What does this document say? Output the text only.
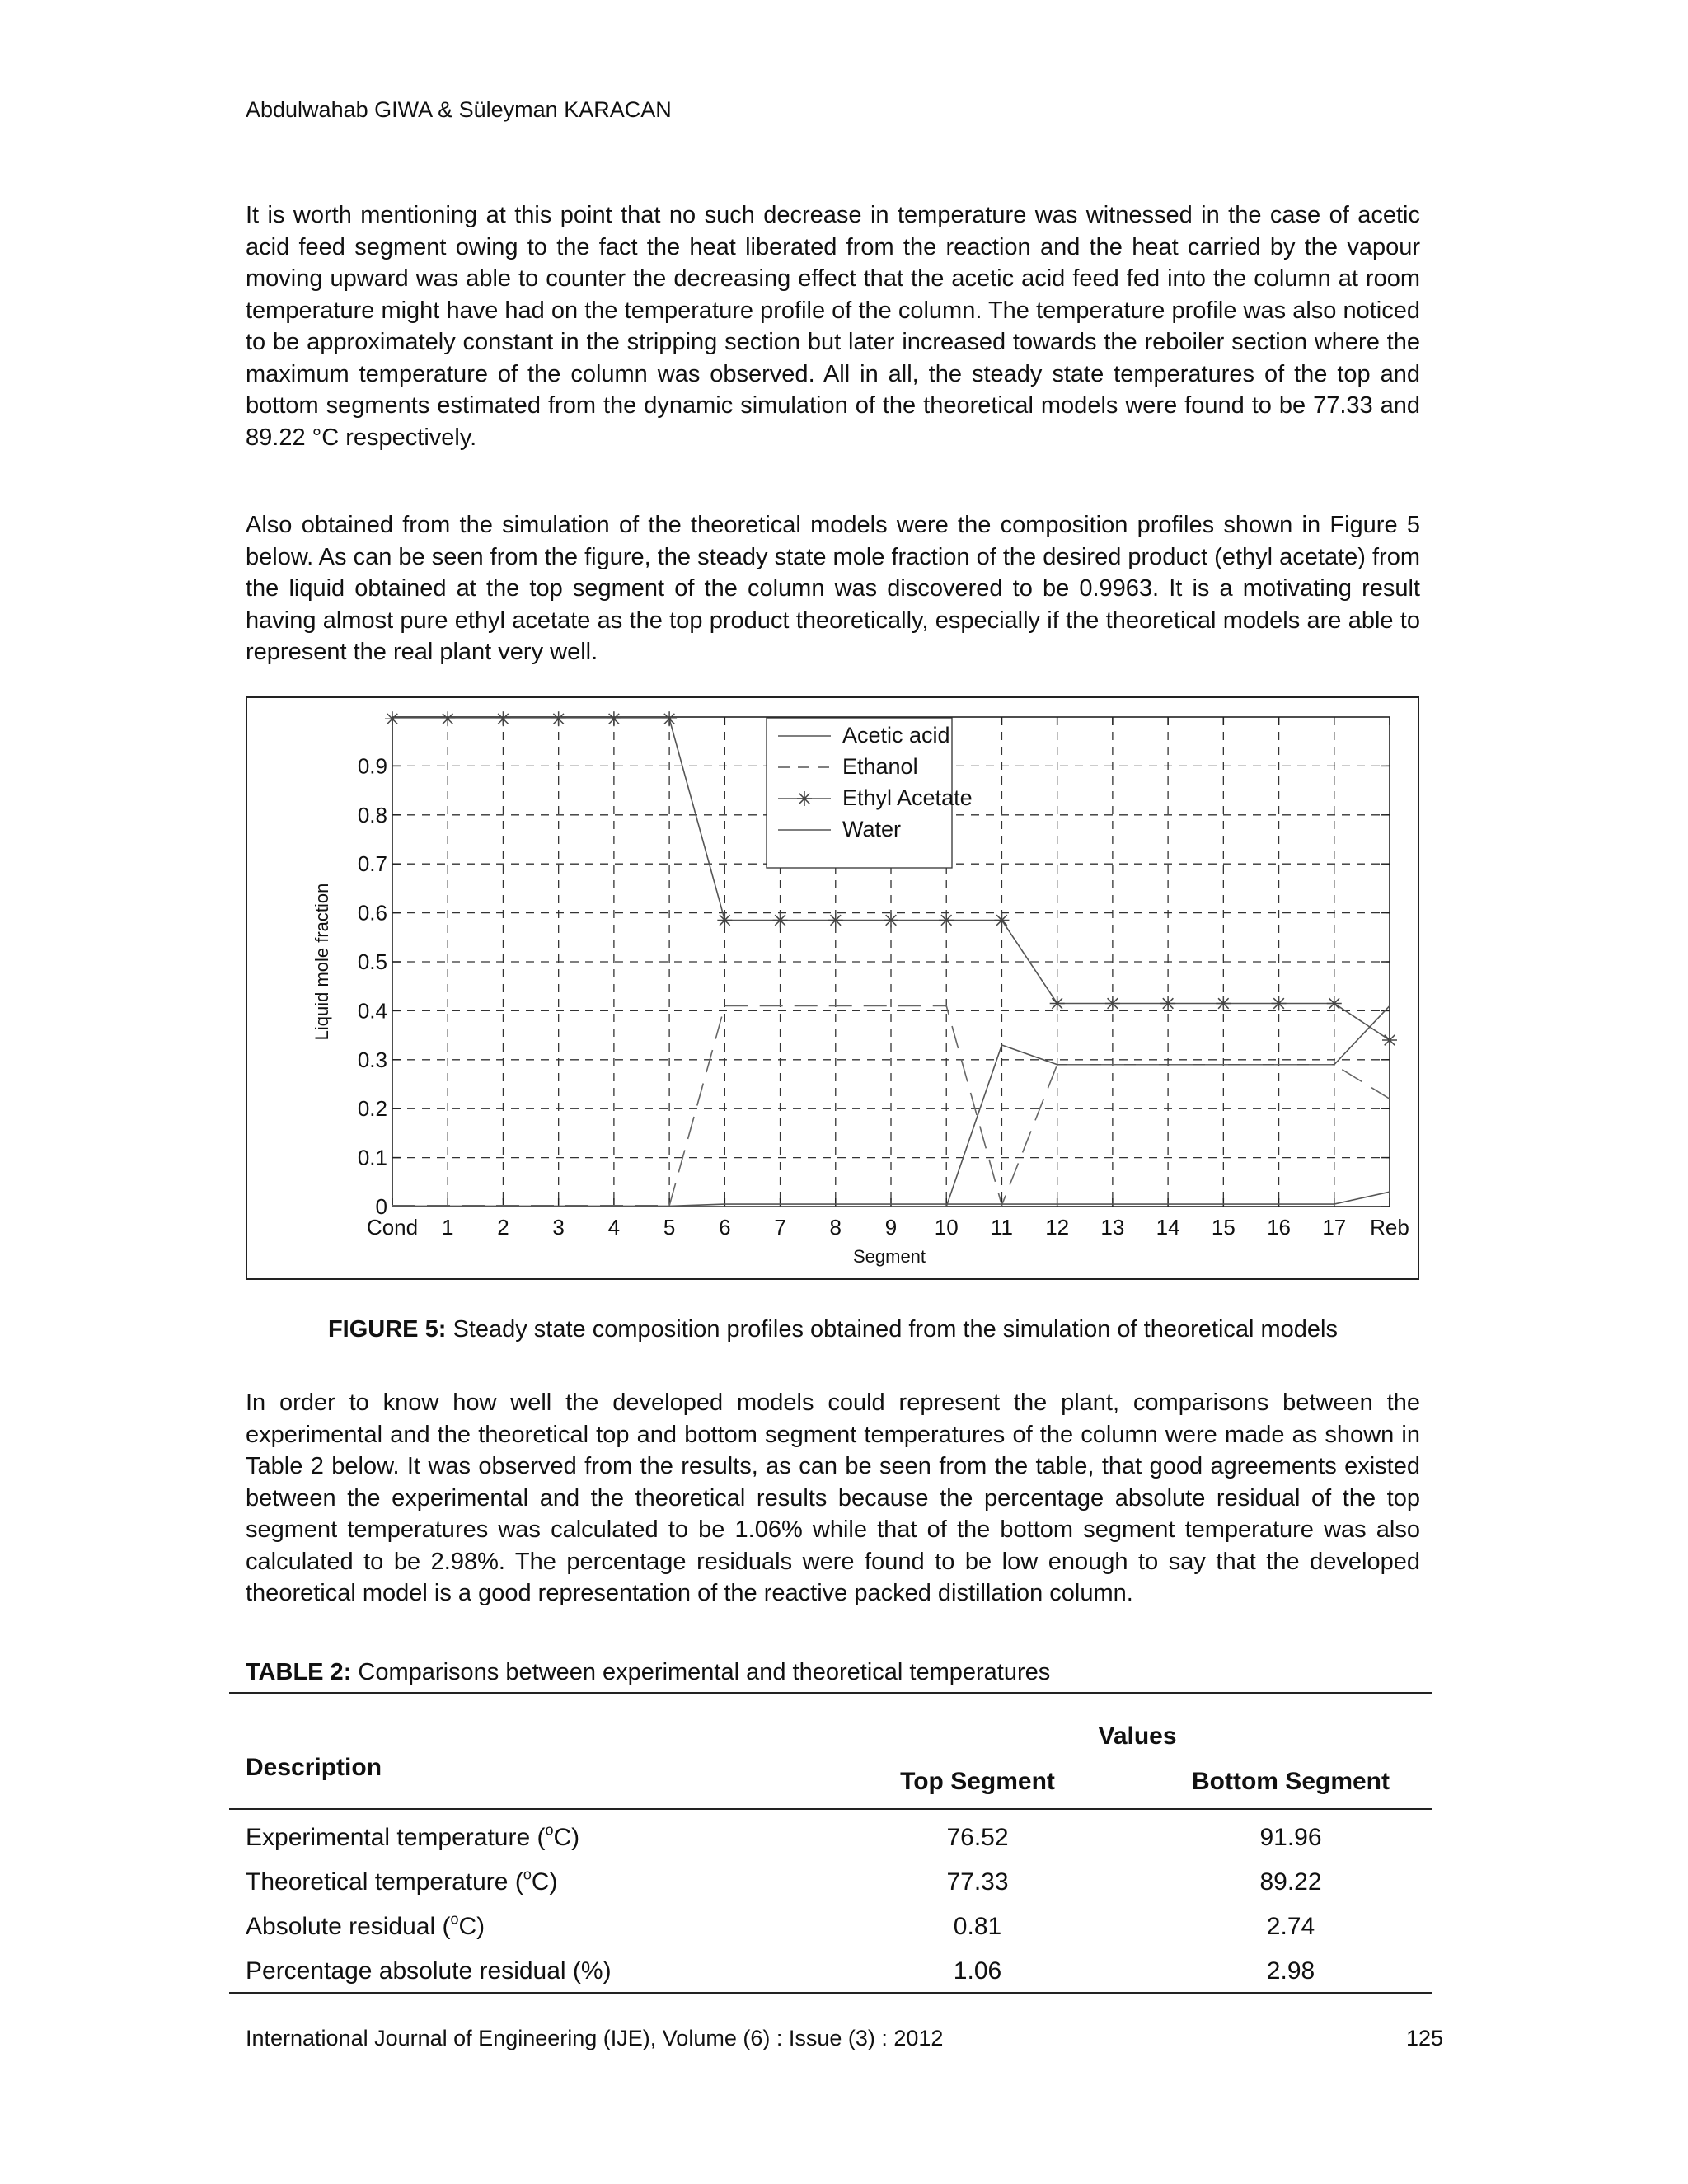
Abdulwahab GIWA & Süleyman KARACAN

It is worth mentioning at this point that no such decrease in temperature was witnessed in the case of acetic acid feed segment owing to the fact the heat liberated from the reaction and the heat carried by the vapour moving upward was able to counter the decreasing effect that the acetic acid feed fed into the column at room temperature might have had on the temperature profile of the column. The temperature profile was also noticed to be approximately constant in the stripping section but later increased towards the reboiler section where the maximum temperature of the column was observed. All in all, the steady state temperatures of the top and bottom segments estimated from the dynamic simulation of the theoretical models were found to be 77.33 and 89.22 °C respectively.

Also obtained from the simulation of the theoretical models were the composition profiles shown in Figure 5 below. As can be seen from the figure, the steady state mole fraction of the desired product (ethyl acetate) from the liquid obtained at the top segment of the column was discovered to be 0.9963. It is a motivating result having almost pure ethyl acetate as the top product theoretically, especially if the theoretical models are able to represent the real plant very well.

0
0.1
0.2
0.3
0.4
0.5
0.6
0.7
0.8
0.9
Cond 1 2 3 4 5 6 7 8 9 10 11 12 13 14 15 16 17 Reb
Segment
Liquid mole fraction
Acetic acid
Ethanol
Ethyl Acetate
Water
FIGURE 5: Steady state composition profiles obtained from the simulation of theoretical models

In order to know how well the developed models could represent the plant, comparisons between the experimental and the theoretical top and bottom segment temperatures of the column were made as shown in Table 2 below. It was observed from the results, as can be seen from the table, that good agreements existed between the experimental and the theoretical results because the percentage absolute residual of the top segment temperatures was calculated to be 1.06% while that of the bottom segment temperature was also calculated to be 2.98%. The percentage residuals were found to be low enough to say that the developed theoretical model is a good representation of the reactive packed distillation column.

TABLE 2: Comparisons between experimental and theoretical temperatures
Description
Values
Top Segment	Bottom Segment
Experimental temperature ($^o$C)	76.52	91.96
Theoretical temperature ($^o$C)	77.33	89.22
Absolute residual ($^o$C)	0.81	2.74
Percentage absolute residual (%)	1.06	2.98
International Journal of Engineering (IJE), Volume (6) : Issue (3) : 2012	125
